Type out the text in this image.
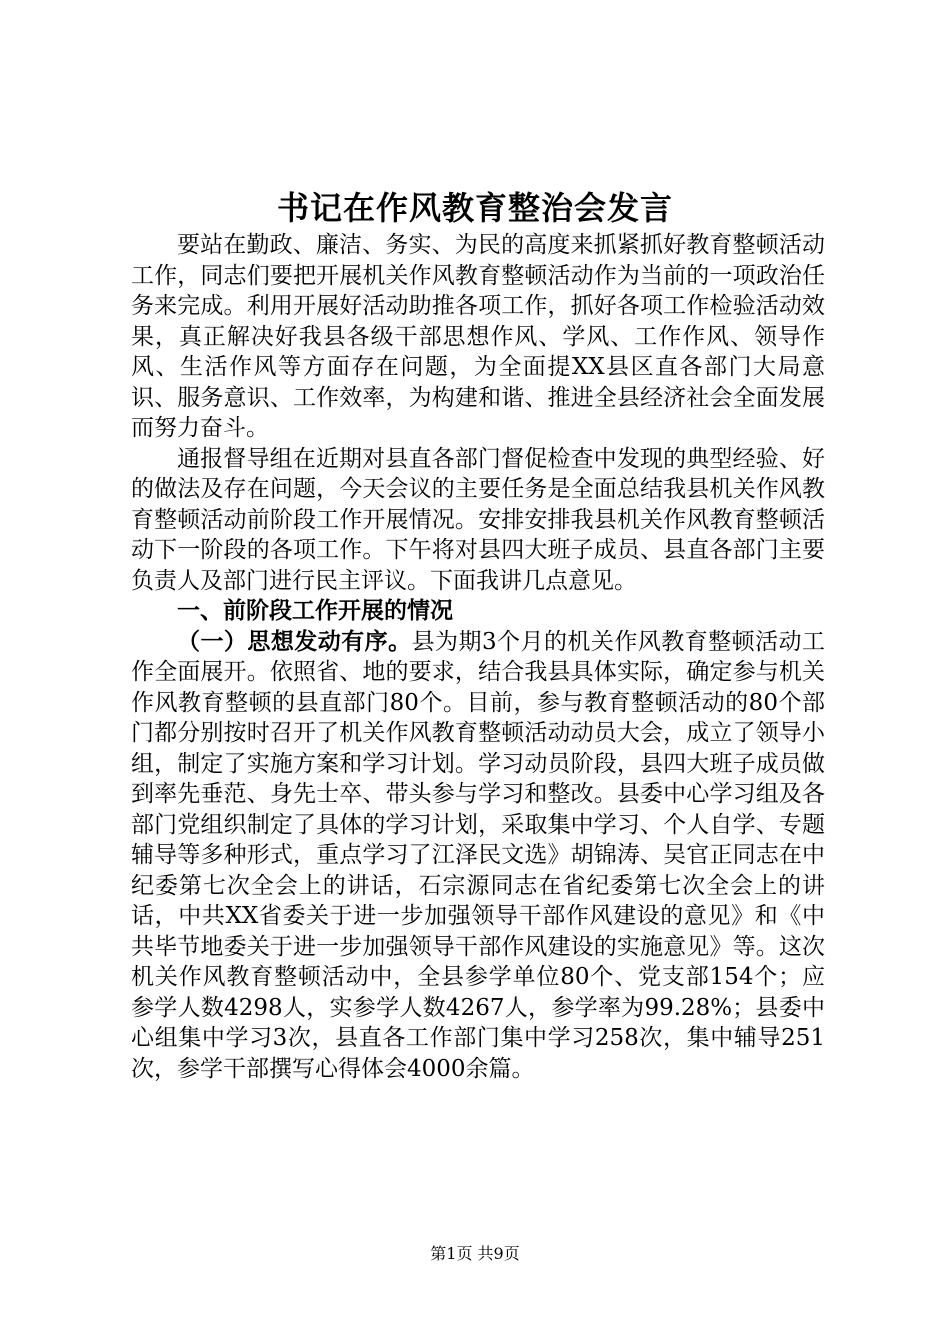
书记在作风教育整治会发言

要站在勤政、廉洁、务实、为民的高度来抓紧抓好教育整顿活动工作，同志们要把开展机关作风教育整顿活动作为当前的一项政治任务来完成。利用开展好活动助推各项工作，抓好各项工作检验活动效果，真正解决好我县各级干部思想作风、学风、工作作风、领导作风、生活作风等方面存在问题，为全面提XX县区直各部门大局意识、服务意识、工作效率，为构建和谐、推进全县经济社会全面发展而努力奋斗。

通报督导组在近期对县直各部门督促检查中发现的典型经验、好的做法及存在问题，今天会议的主要任务是全面总结我县机关作风教育整顿活动前阶段工作开展情况。安排安排我县机关作风教育整顿活动下一阶段的各项工作。下午将对县四大班子成员、县直各部门主要负责人及部门进行民主评议。下面我讲几点意见。

一、前阶段工作开展的情况

（一）思想发动有序。县为期3个月的机关作风教育整顿活动工作全面展开。依照省、地的要求，结合我县具体实际，确定参与机关作风教育整顿的县直部门80个。目前，参与教育整顿活动的80个部门都分别按时召开了机关作风教育整顿活动动员大会，成立了领导小组，制定了实施方案和学习计划。学习动员阶段，县四大班子成员做到率先垂范、身先士卒、带头参与学习和整改。县委中心学习组及各部门党组织制定了具体的学习计划，采取集中学习、个人自学、专题辅导等多种形式，重点学习了江泽民文选》胡锦涛、吴官正同志在中纪委第七次全会上的讲话，石宗源同志在省纪委第七次全会上的讲话，中共XX省委关于进一步加强领导干部作风建设的意见》和《中共毕节地委关于进一步加强领导干部作风建设的实施意见》等。这次机关作风教育整顿活动中，全县参学单位80个、党支部154个；应参学人数4298人，实参学人数4267人，参学率为99.28%；县委中心组集中学习3次，县直各工作部门集中学习258次，集中辅导251次，参学干部撰写心得体会4000余篇。

第1页 共9页
